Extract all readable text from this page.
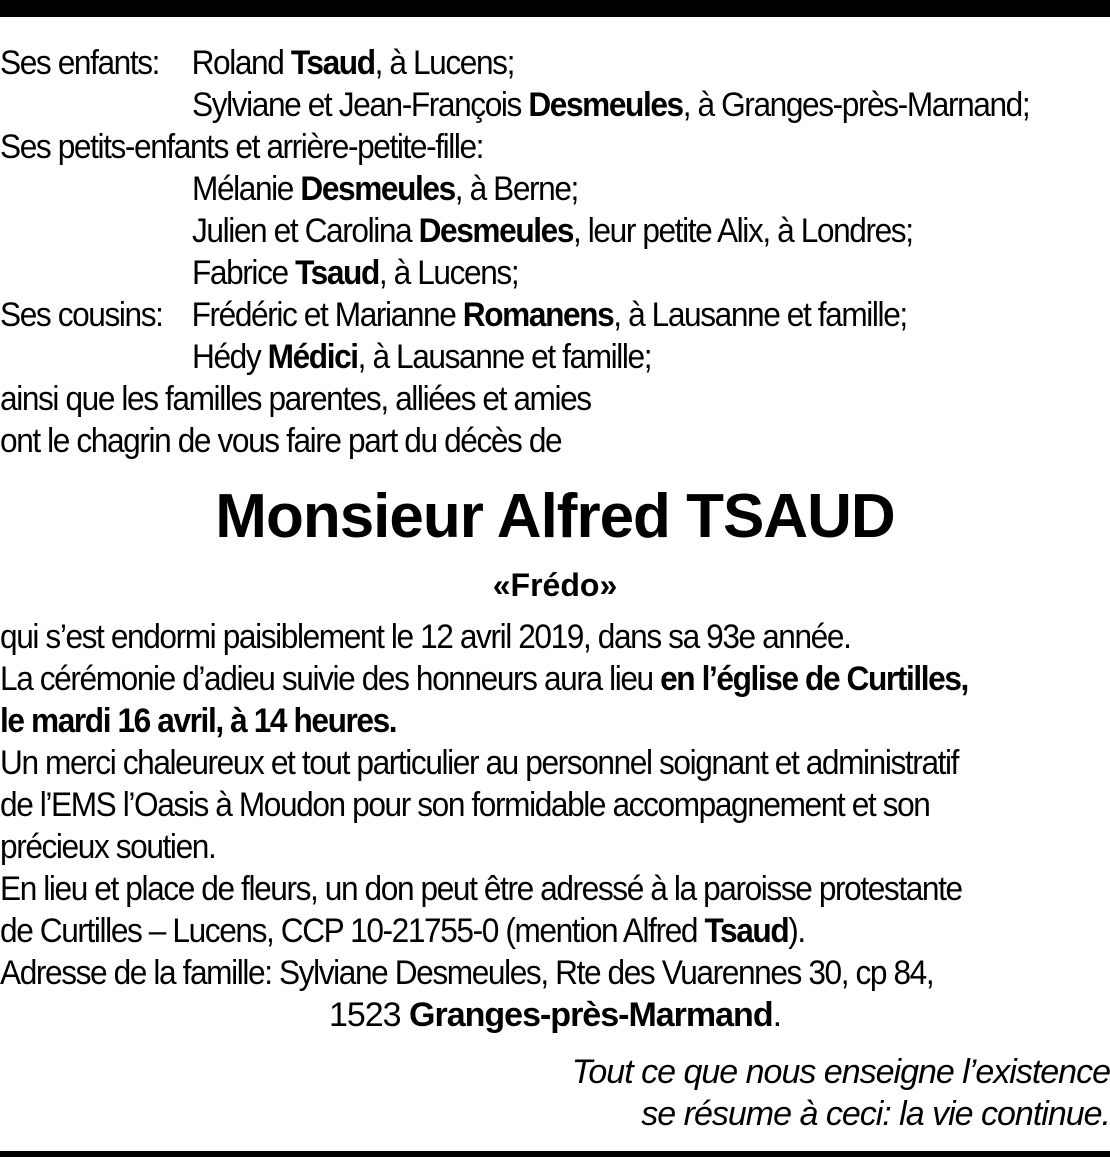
Ses enfants: Roland Tsaud, à Lucens;
Sylviane et Jean-François Desmeules, à Granges-près-Marnand;
Ses petits-enfants et arrière-petite-fille:
Mélanie Desmeules, à Berne;
Julien et Carolina Desmeules, leur petite Alix, à Londres;
Fabrice Tsaud, à Lucens;
Ses cousins: Frédéric et Marianne Romanens, à Lausanne et famille;
Hédy Médici, à Lausanne et famille;
ainsi que les familles parentes, alliées et amies
ont le chagrin de vous faire part du décès de
Monsieur Alfred TSAUD
«Frédo»
qui s’est endormi paisiblement le 12 avril 2019, dans sa 93e année.
La cérémonie d’adieu suivie des honneurs aura lieu en l’église de Curtilles,
le mardi 16 avril, à 14 heures.
Un merci chaleureux et tout particulier au personnel soignant et administratif
de l’EMS l’Oasis à Moudon pour son formidable accompagnement et son
précieux soutien.
En lieu et place de fleurs, un don peut être adressé à la paroisse protestante
de Curtilles – Lucens, CCP 10-21755-0 (mention Alfred Tsaud).
Adresse de la famille: Sylviane Desmeules, Rte des Vuarennes 30, cp 84,
1523 Granges-près-Marmand.
Tout ce que nous enseigne l’existence
se résume à ceci: la vie continue.
